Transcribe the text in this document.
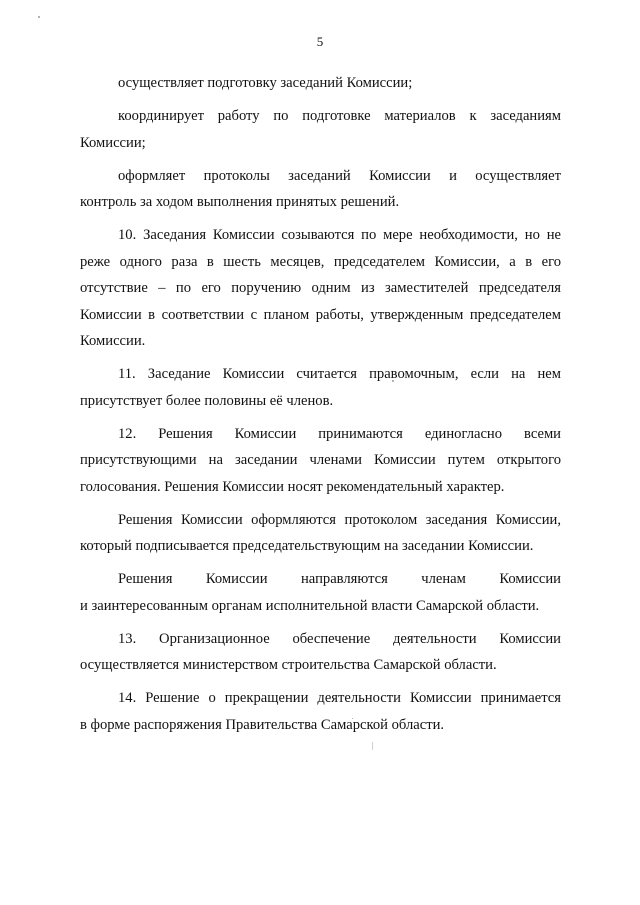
5

осуществляет подготовку заседаний Комиссии;

координирует работу по подготовке материалов к заседаниям
Комиссии;

оформляет протоколы заседаний Комиссии и осуществляет
контроль за ходом выполнения принятых решений.

10. Заседания Комиссии созываются по мере необходимости, но не
реже одного раза в шесть месяцев, председателем Комиссии, а в его
отсутствие – по его поручению одним из заместителей председателя
Комиссии в соответствии с планом работы, утвержденным председателем
Комиссии.

11. Заседание Комиссии считается правомочным, если на нем
присутствует более половины её членов.

12. Решения Комиссии принимаются единогласно всеми
присутствующими на заседании членами Комиссии путем открытого
голосования. Решения Комиссии носят рекомендательный характер.

Решения Комиссии оформляются протоколом заседания Комиссии,
который подписывается председательствующим на заседании Комиссии.

Решения Комиссии направляются членам Комиссии
и заинтересованным органам исполнительной власти Самарской области.

13. Организационное обеспечение деятельности Комиссии
осуществляется министерством строительства Самарской области.

14. Решение о прекращении деятельности Комиссии принимается
в форме распоряжения Правительства Самарской области.
